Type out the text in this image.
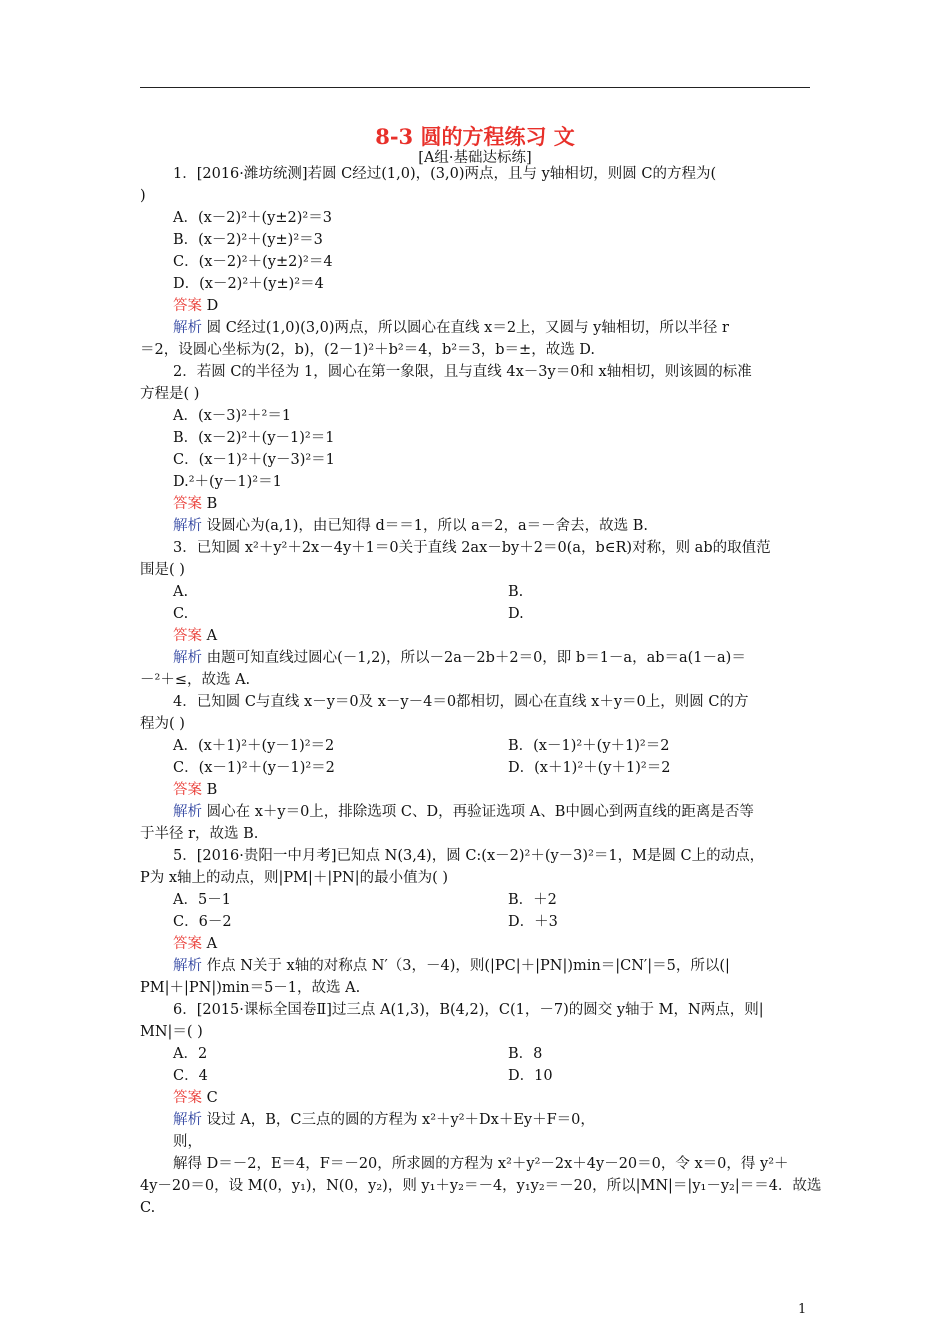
8-3 圆的方程练习 文
[A组·基础达标练]
1．[2016·潍坊统测]若圆 C经过(1,0)，(3,0)两点，且与 y轴相切，则圆 C的方程为(
)
A．(x－2)²＋(y±2)²＝3
B．(x－2)²＋(y±)²＝3
C．(x－2)²＋(y±2)²＝4
D．(x－2)²＋(y±)²＝4
答案 D
解析 圆 C经过(1,0)(3,0)两点，所以圆心在直线 x＝2上，又圆与 y轴相切，所以半径 r
＝2，设圆心坐标为(2，b)，(2－1)²＋b²＝4，b²＝3，b＝±，故选 D.
2．若圆 C的半径为 1，圆心在第一象限，且与直线 4x－3y＝0和 x轴相切，则该圆的标准
方程是( )
A．(x－3)²＋²＝1
B．(x－2)²＋(y－1)²＝1
C．(x－1)²＋(y－3)²＝1
D.²＋(y－1)²＝1
答案 B
解析 设圆心为(a,1)，由已知得 d＝＝1，所以 a＝2，a＝－舍去，故选 B.
3．已知圆 x²＋y²＋2x－4y＋1＝0关于直线 2ax－by＋2＝0(a，b∈R)对称，则 ab的取值范
围是( )
A.	B.
C.	D.
答案 A
解析 由题可知直线过圆心(－1,2)，所以－2a－2b＋2＝0，即 b＝1－a，ab＝a(1－a)＝
－²＋≤，故选 A.
4．已知圆 C与直线 x－y＝0及 x－y－4＝0都相切，圆心在直线 x＋y＝0上，则圆 C的方
程为( )
A．(x＋1)²＋(y－1)²＝2	B．(x－1)²＋(y＋1)²＝2
C．(x－1)²＋(y－1)²＝2	D．(x＋1)²＋(y＋1)²＝2
答案 B
解析 圆心在 x＋y＝0上，排除选项 C、D，再验证选项 A、B中圆心到两直线的距离是否等
于半径 r，故选 B.
5．[2016·贵阳一中月考]已知点 N(3,4)，圆 C:(x－2)²＋(y－3)²＝1，M是圆 C上的动点，
P为 x轴上的动点，则|PM|＋|PN|的最小值为( )
A．5－1	B．＋2
C．6－2	D．＋3
答案 A
解析 作点 N关于 x轴的对称点 N′（3，－4)，则(|PC|＋|PN|)min＝|CN′|＝5，所以(|
PM|＋|PN|)min＝5－1，故选 A.
6．[2015·课标全国卷Ⅱ]过三点 A(1,3)，B(4,2)，C(1，－7)的圆交 y轴于 M，N两点，则|
MN|＝( )
A．2	B．8
C．4	D．10
答案 C
解析 设过 A，B，C三点的圆的方程为 x²＋y²＋Dx＋Ey＋F＝0，
则，
解得 D＝－2，E＝4，F＝－20，所求圆的方程为 x²＋y²－2x＋4y－20＝0，令 x＝0，得 y²＋
4y－20＝0，设 M(0，y₁)，N(0，y₂)，则 y₁＋y₂＝－4，y₁y₂＝－20，所以|MN|＝|y₁－y₂|＝＝4．故选
C.
1
